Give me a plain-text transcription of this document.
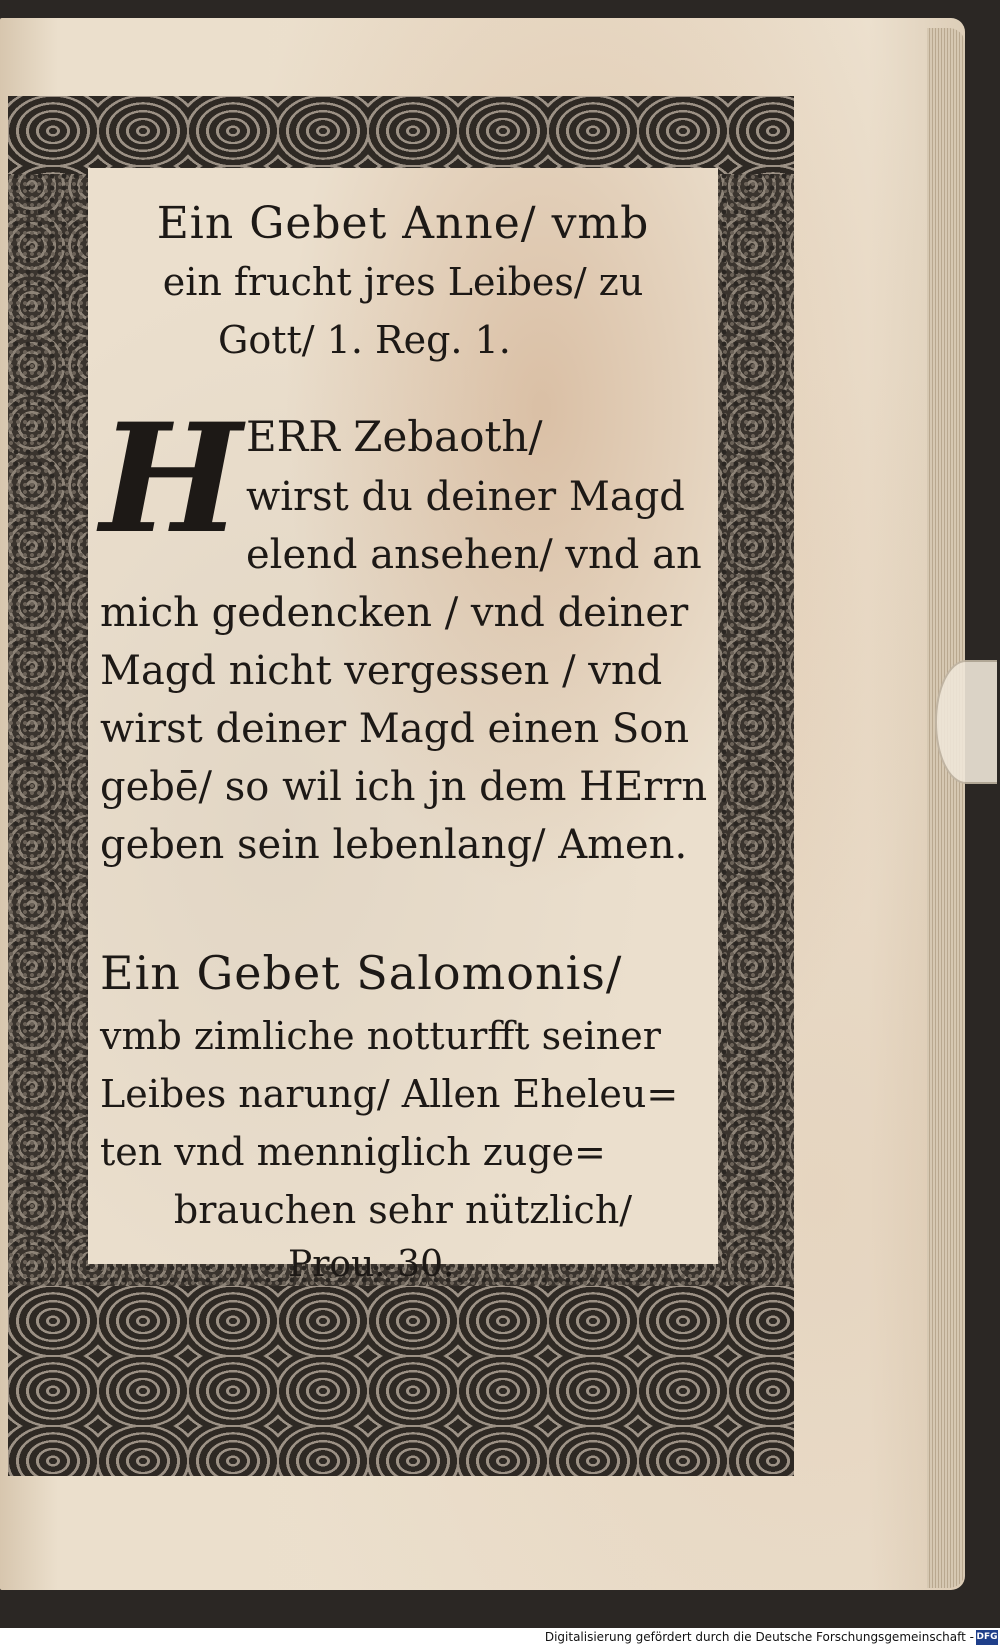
Ein Gebet Anne/ vmb
ein frucht jres Leibes/ zu
Gott/ 1. Reg. 1.
H ERR Zebaoth/
wirst du deiner Magd
elend ansehen/ vnd an
mich gedencken / vnd deiner
Magd nicht vergessen / vnd
wirst deiner Magd einen Son
gebē/ so wil ich jn dem HErrn
geben sein lebenlang/ Amen.
Ein Gebet Salomonis/
vmb zimliche notturfft seiner
Leibes narung/ Allen Eheleu=
ten vnd menniglich zuge=
brauchen sehr nützlich/
Prou. 30.
Digitalisierung gefördert durch die Deutsche Forschungsgemeinschaft - DFG
